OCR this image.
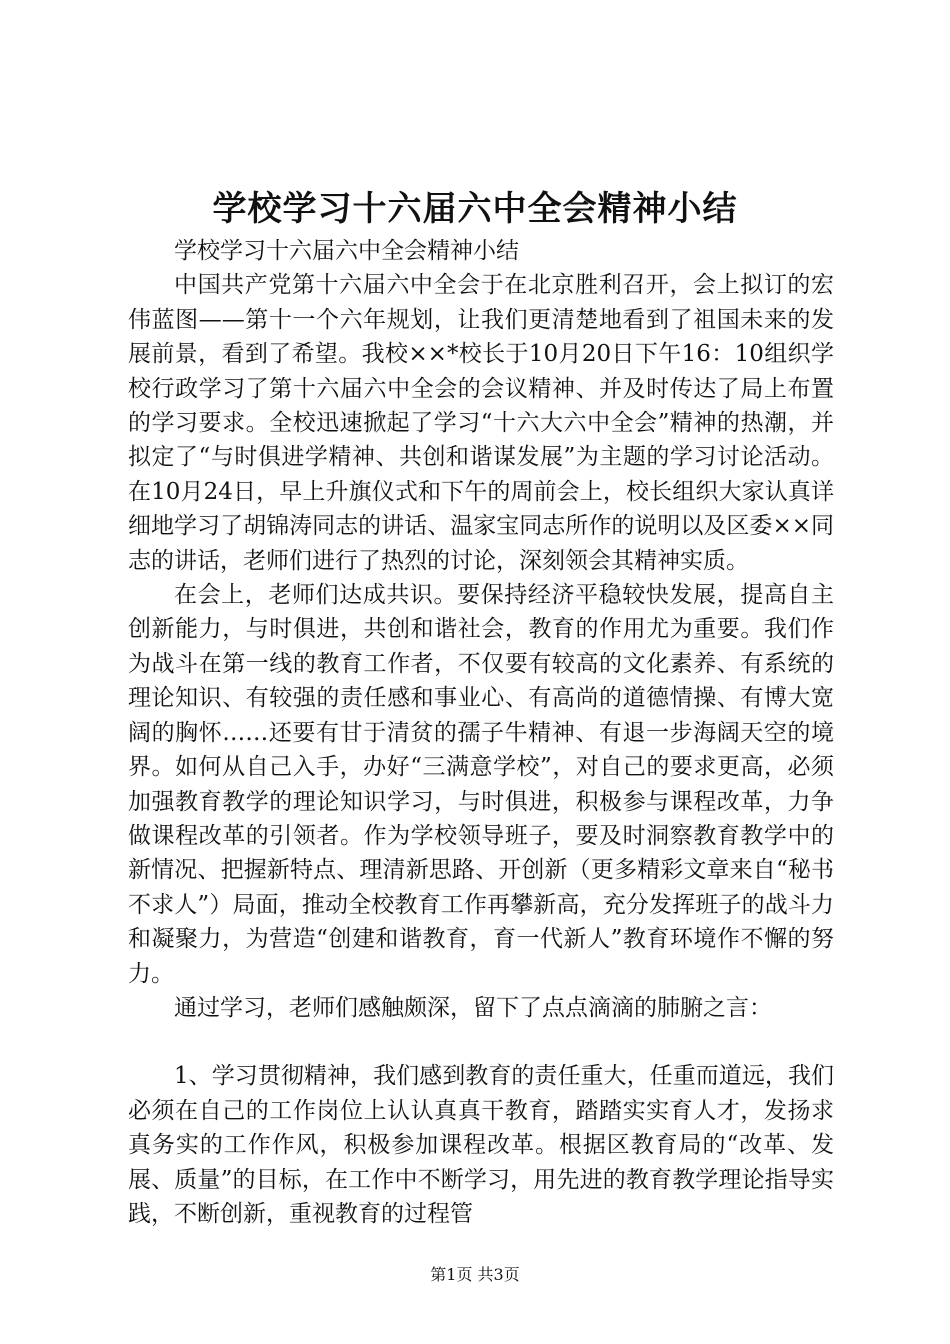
学校学习十六届六中全会精神小结

学校学习十六届六中全会精神小结

中国共产党第十六届六中全会于在北京胜利召开，会上拟订的宏伟蓝图——第十一个六年规划，让我们更清楚地看到了祖国未来的发展前景，看到了希望。我校××*校长于10月20日下午16：10组织学校行政学习了第十六届六中全会的会议精神、并及时传达了局上布置的学习要求。全校迅速掀起了学习“十六大六中全会”精神的热潮，并拟定了“与时俱进学精神、共创和谐谋发展”为主题的学习讨论活动。在10月24日，早上升旗仪式和下午的周前会上，校长组织大家认真详细地学习了胡锦涛同志的讲话、温家宝同志所作的说明以及区委××同志的讲话，老师们进行了热烈的讨论，深刻领会其精神实质。

在会上，老师们达成共识。要保持经济平稳较快发展，提高自主创新能力，与时俱进，共创和谐社会，教育的作用尤为重要。我们作为战斗在第一线的教育工作者，不仅要有较高的文化素养、有系统的理论知识、有较强的责任感和事业心、有高尚的道德情操、有博大宽阔的胸怀……还要有甘于清贫的孺子牛精神、有退一步海阔天空的境界。如何从自己入手，办好“三满意学校”，对自己的要求更高，必须加强教育教学的理论知识学习，与时俱进，积极参与课程改革，力争做课程改革的引领者。作为学校领导班子，要及时洞察教育教学中的新情况、把握新特点、理清新思路、开创新（更多精彩文章来自“秘书不求人”）局面，推动全校教育工作再攀新高，充分发挥班子的战斗力和凝聚力，为营造“创建和谐教育，育一代新人”教育环境作不懈的努力。

通过学习，老师们感触颇深，留下了点点滴滴的肺腑之言：

1、学习贯彻精神，我们感到教育的责任重大，任重而道远，我们必须在自己的工作岗位上认认真真干教育，踏踏实实育人才，发扬求真务实的工作作风，积极参加课程改革。根据区教育局的“改革、发展、质量”的目标，在工作中不断学习，用先进的教育教学理论指导实践，不断创新，重视教育的过程管

第1页 共3页
